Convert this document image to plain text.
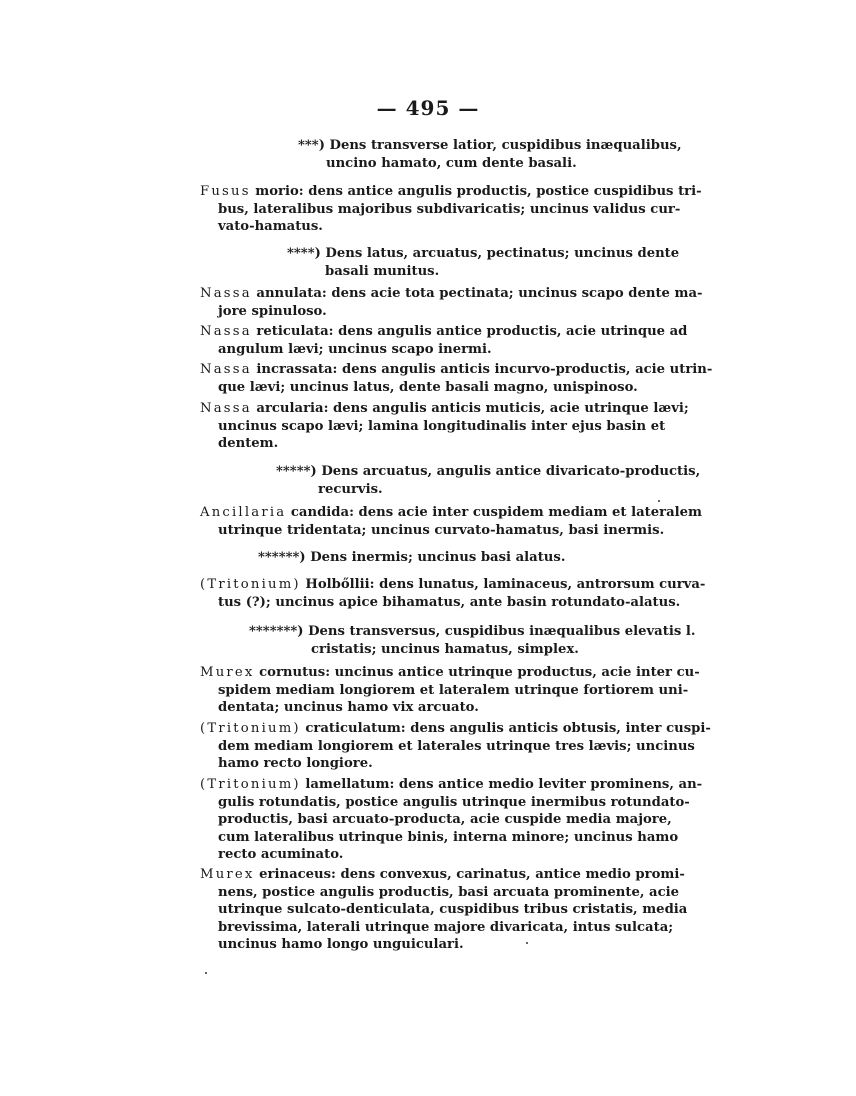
— 495 —
***) Dens transverse latior, cuspidibus inæqualibus,
uncino hamato, cum dente basali.
Fusus morio: dens antice angulis productis, postice cuspidibus tri-
bus, lateralibus majoribus subdivaricatis; uncinus validus cur-
vato-hamatus.
****) Dens latus, arcuatus, pectinatus; uncinus dente
basali munitus.
Nassa annulata: dens acie tota pectinata; uncinus scapo dente ma-
jore spinuloso.
Nassa reticulata: dens angulis antice productis, acie utrinque ad
angulum lævi; uncinus scapo inermi.
Nassa incrassata: dens angulis anticis incurvo-productis, acie utrin-
que lævi; uncinus latus, dente basali magno, unispinoso.
Nassa arcularia: dens angulis anticis muticis, acie utrinque lævi;
uncinus scapo lævi; lamina longitudinalis inter ejus basin et
dentem.
*****) Dens arcuatus, angulis antice divaricato-productis,
recurvis.
Ancillaria candida: dens acie inter cuspidem mediam et lateralem
utrinque tridentata; uncinus curvato-hamatus, basi inermis.
******) Dens inermis; uncinus basi alatus.
(Tritonium) Holbőllii: dens lunatus, laminaceus, antrorsum curva-
tus (?); uncinus apice bihamatus, ante basin rotundato-alatus.
*******) Dens transversus, cuspidibus inæqualibus elevatis l.
cristatis; uncinus hamatus, simplex.
Murex cornutus: uncinus antice utrinque productus, acie inter cu-
spidem mediam longiorem et lateralem utrinque fortiorem uni-
dentata; uncinus hamo vix arcuato.
(Tritonium) craticulatum: dens angulis anticis obtusis, inter cuspi-
dem mediam longiorem et laterales utrinque tres lævis; uncinus
hamo recto longiore.
(Tritonium) lamellatum: dens antice medio leviter prominens, an-
gulis rotundatis, postice angulis utrinque inermibus rotundato-
productis, basi arcuato-producta, acie cuspide media majore,
cum lateralibus utrinque binis, interna minore; uncinus hamo
recto acuminato.
Murex erinaceus: dens convexus, carinatus, antice medio promi-
nens, postice angulis productis, basi arcuata prominente, acie
utrinque sulcato-denticulata, cuspidibus tribus cristatis, media
brevissima, laterali utrinque majore divaricata, intus sulcata;
uncinus hamo longo unguiculari.
